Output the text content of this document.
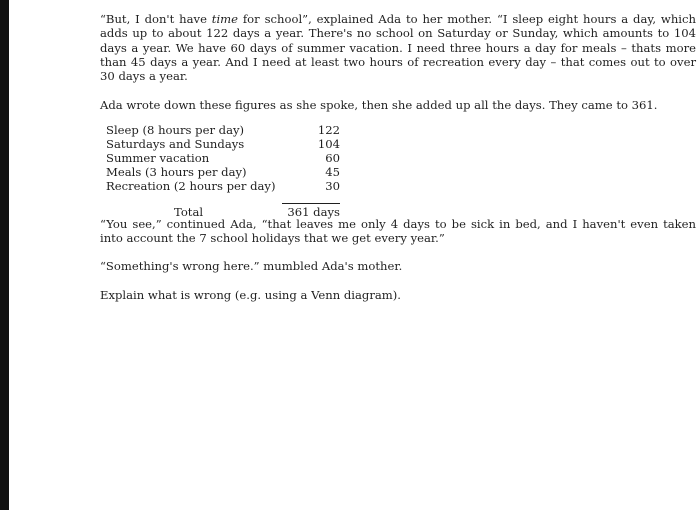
“But, I don't have time for school”, explained Ada to her mother. “I sleep eight hours a day, which adds up to about 122 days a year. There's no school on Saturday or Sunday, which amounts to 104 days a year. We have 60 days of summer vacation. I need three hours a day for meals – thats more than 45 days a year. And I need at least two hours of recreation every day – that comes out to over 30 days a year.

Ada wrote down these figures as she spoke, then she added up all the days. They came to 361.

Sleep (8 hours per day)	122
Saturdays and Sundays	104
Summer vacation	60
Meals (3 hours per day)	45
Recreation (2 hours per day)	30
Total	361 days

“You see,” continued Ada, “that leaves me only 4 days to be sick in bed, and I haven't even taken into account the 7 school holidays that we get every year.”

“Something's wrong here.” mumbled Ada's mother.

Explain what is wrong (e.g. using a Venn diagram).
